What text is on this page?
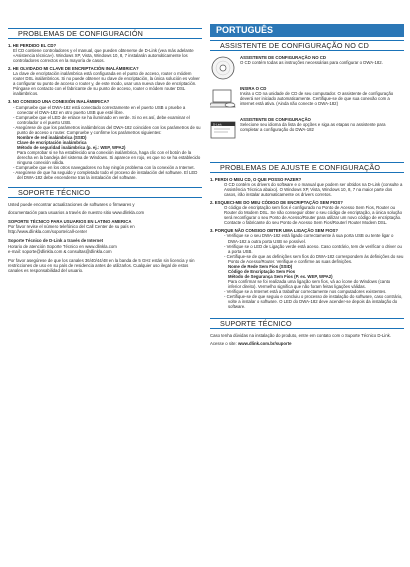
PROBLEMAS DE CONFIGURACIÓN
1. HE PERDIDO EL CD?
El CD contiene controladores y el manual, que pueden obtenerse de D-Link (vea más adelante «Asistencia técnica»). Windows XP, Vista, Windows 10, 8, 7 instalarán automáticamente los controladores correctos en la mayoría de casos.
2. HE OLVIDADO MI CLAVE DE ENCRIPTACIÓN INALÁMBRICA?
La clave de encriptación inalámbrica está configurada en el punto de acceso, router o módem router DSL inalámbricos. Si no puede obtener su clave de encriptación, la única solución es volver a configurar su punto de acceso o router y, de este modo, usar una nueva clave de encriptación. Póngase en contacto con el fabricante de su punto de acceso, router o módem router DSL inalámbricos.
3. NO CONSIGO UNA CONEXIÓN INALÁMBRICA?
- Compruebe que el DWA-182 está conectado correctamente en el puerto USB o pruebe a conectar el DWA-182 en otro puerto USB que esté libre.
- Compruebe que el LED de enlace se ha iluminado en verde. Si no es así, debe examinar el controlador o el puerto USB.
- Asegúrese de que los parámetros inalámbricos del DWA-182 coinciden con los parámetros de su punto de acceso o router. Compruebe y confirme los parámetros siguientes:
Nombre de red inalámbrica (SSID)
Clave de encriptación inalámbrica
Método de seguridad inalámbrica (p. ej.: WEP, WPA2)
Para comprobar si se ha establecido una conexión inalámbrica, haga clic con el botón de la derecha en la bandeja del sistema de Windows. Si aparece en rojo, es que no se ha establecido ninguna conexión válida.
- Compruebe que en los otros navegadores no hay ningún problema con la conexión a Internet.
- Asegúrese de que ha seguido y completado todo el proceso de instalación del software. El LED del DWA-182 debe encenderse tras la instalación del software.
SOPORTE TÉCNICO
Usted puede encontrar actualizaciones de softwares o firmwares y
documentación para usuarios a través de nuestro sitio www.dlinkla.com
SOPORTE TÉCNICO PARA USUARIOS EN LATINO AMERICA
Por favor revise el número telefónico del Call Center de su país en http://www.dlinkla.com/soporte/call-center
Soporte Técnico de D-Link a través de Internet
Horario de atención Soporte Técnico en www.dlinkla.com
e-mail: soporte@dlinkla.com & consultas@dlinkla.com
Por favor asegúrese de que los canales 36/40/44/48 en la banda de 5 GHz están sin licencia y sin restricciones de uso en su país de residencia antes de utilizarlos. Cualquier uso ilegal de estos canales es responsabilidad del usuario.
PORTUGUÊS
ASSISTENTE DE CONFIGURAÇÃO NO CD
ASSISTENTE DE CONFIGURAÇÃO NO CD
O CD contém todas as instruções necessárias para configurar o DWA-182.
INSIRA O CD
Insira o CD na unidade de CD de seu computador. O assistente de configuração deverá ser iniciado automaticamente. Certifique-se de que sua conexão com a internet está ativa. (Ainda não conecte o DWA-182)
D-Link
ASSISTENTE DE CONFIGURAÇÃO
Selecione seu idioma da lista de opções e siga as etapas no assistente para completar a configuração do DWA-182
PROBLEMAS DE AJUSTE E CONFIGURAÇÃO
1. PERDI O MEU CD, O QUE POSSO FAZER?
O CD contém os drivers do software e o manual que podem ser obtidos na D-Link (consulte a Assistência Técnica abaixo). O Windows XP, Vista, Windows 10, 8, 7 na maior parte dos casos, irão instalar automaticamente os drivers corretos.
2. ESQUECI-ME DO MEU CÓDIGO DE ENCRIPTAÇÃO SEM FIOS?
O código de encriptação sem fios é configurado no Ponto de Acesso Sem Fios, Router ou Router do Modem DSL. Se não conseguir obter o seu código de encriptação, a única solução será reconfigurar o seu Ponto de Acesso/Router para utilizar um novo código de encriptação. Contacte o fabricante do seu Ponto de Acesso Sem Fios/Router/ Router Modem DSL.
3. PORQUE NÃO CONSIGO OBTER UMA LIGAÇÃO SEM FIOS?
- Verifique se o seu DWA-182 está ligado correctamente à sua porta USB ou tente ligar o DWA-182 a outra porta USB se possível.
- Verifique se o LED de Ligação verde está aceso. Caso contrário, tem de verificar o driver ou a porta USB.
- Certifique-se de que as definições sem fios do DWA-182 correspondem às definições do seu Ponto de Acesso/Router. Verifique e confirme as suas definições.
Nome de Rede Sem Fios (SSID)
Código de Encriptação Sem Fios
Método de Segurança Sem Fios (P. ex. WEP, WPA2)
Para confirmar se foi realizada uma ligação sem fios, vá ao ícone do Windows (canto inferior direito). Vermelho significa que não foram feitas ligações válidas.
- Verifique se a Internet está a trabalhar correctamente nos computadores existentes.
- Certifique-se de que seguiu e concluiu o processo de instalação do software, caso contrário, volte a instalar o software. O LED do DWA-182 deve acender-se depois da instalação do software.
SUPORTE TÉCNICO
Caso tenha dúvidas na instalação do produto, entre em contato com o Suporte Técnico D-Link.
Acesse o site: www.dlink.com.br/suporte
